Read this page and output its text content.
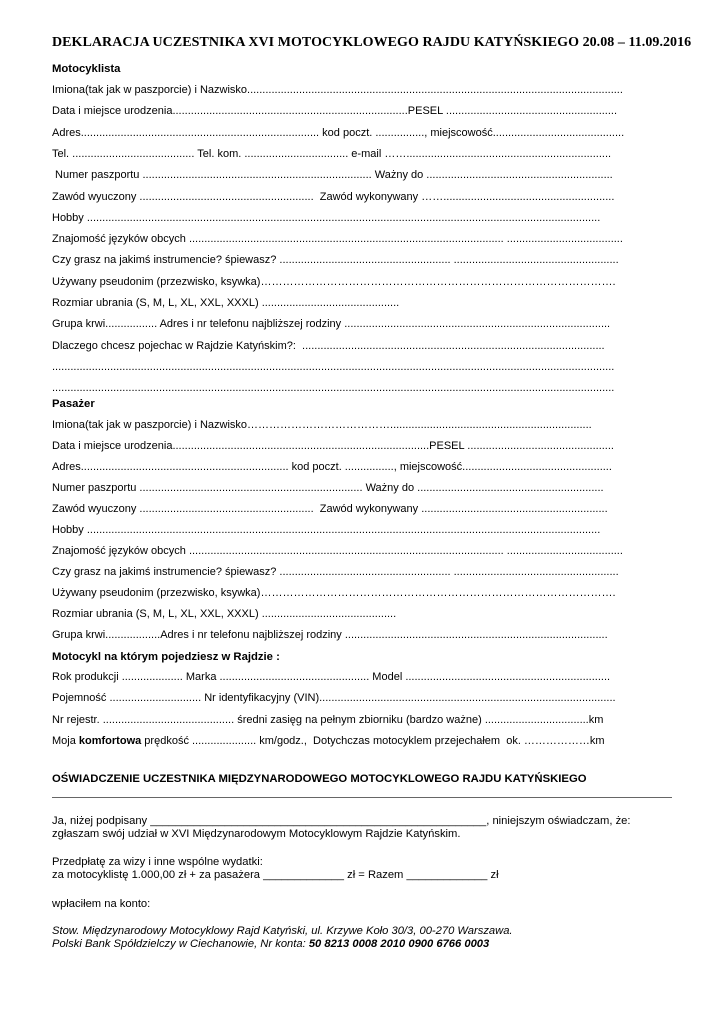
DEKLARACJA UCZESTNIKA XVI MOTOCYKLOWEGO RAJDU KATYŃSKIEGO 20.08 – 11.09.2016
Motocyklista
Imiona(tak jak w paszporcie) i Nazwisko...........................................................................................................................
Data i miejsce urodzenia.............................................................................PESEL ........................................................
Adres.............................................................................. kod poczt. ................, miejscowość...........................................
Tel. ........................................ Tel. kom. .................................. e-mail ……...................................................................
Numer paszportu ........................................................................... Ważny do .............................................................
Zawód wyuczony .........................................................  Zawód wykonywany ……........................................................
Hobby ........................................................................................................................................................................
Znajomość języków obcych ....................................................................................................... ......................................
Czy grasz na jakimś instrumencie? śpiewasz? ........................................................ ......................................................
Używany pseudonim (przezwisko, ksywka)…………………………………………………………………………………….
Rozmiar ubrania (S, M, L, XL, XXL, XXXL) .............................................
Grupa krwi................. Adres i nr telefonu najbliższej rodziny .......................................................................................
Dlaczego chcesz pojechac w Rajdzie Katyńskim?:  ...................................................................................................
........................................................................................................................................................................................
........................................................................................................................................................................................
Pasażer
Imiona(tak jak w paszporcie) i Nazwisko…………………………………..................................................................
Data i miejsce urodzenia....................................................................................PESEL ................................................
Adres.................................................................... kod poczt. ................, miejscowość.................................................
Numer paszportu ......................................................................... Ważny do .............................................................
Zawód wyuczony .........................................................  Zawód wykonywany .............................................................
Hobby ........................................................................................................................................................................
Znajomość języków obcych ....................................................................................................... ......................................
Czy grasz na jakimś instrumencie? śpiewasz? ........................................................ ......................................................
Używany pseudonim (przezwisko, ksywka)…………………………………………………………………………………….
Rozmiar ubrania (S, M, L, XL, XXL, XXXL) ............................................
Grupa krwi..................Adres i nr telefonu najbliższej rodziny ......................................................................................
Motocykl na którym pojedziesz w Rajdzie :
Rok produkcji .................... Marka ................................................. Model ...................................................................
Pojemność .............................. Nr identyfikacyjny (VIN).................................................................................................
Nr rejestr. ........................................... średni zasięg na pełnym zbiorniku (bardzo ważne) ..................................km
Moja komfortowa prędkość ..................... km/godz.,  Dotychczas motocyklem przejechałem  ok. ………………km
OŚWIADCZENIE UCZESTNIKA MIĘDZYNARODOWEGO MOTOCYKLOWEGO RAJDU KATYŃSKIEGO
Ja, niżej podpisany ______________________________________________________, niniejszym oświadczam, że:
zgłaszam swój udział w XVI Międzynarodowym Motocyklowym Rajdzie Katyńskim.
Przedpłatę za wizy i inne wspólne wydatki:
za motocyklistę 1.000,00 zł + za pasażera _____________ zł = Razem _____________ zł
wpłaciłem na konto:
Stow. Międzynarodowy Motocyklowy Rajd Katyński, ul. Krzywe Koło 30/3, 00-270 Warszawa.
Polski Bank Spółdzielczy w Ciechanowie, Nr konta: 50 8213 0008 2010 0900 6766 0003
